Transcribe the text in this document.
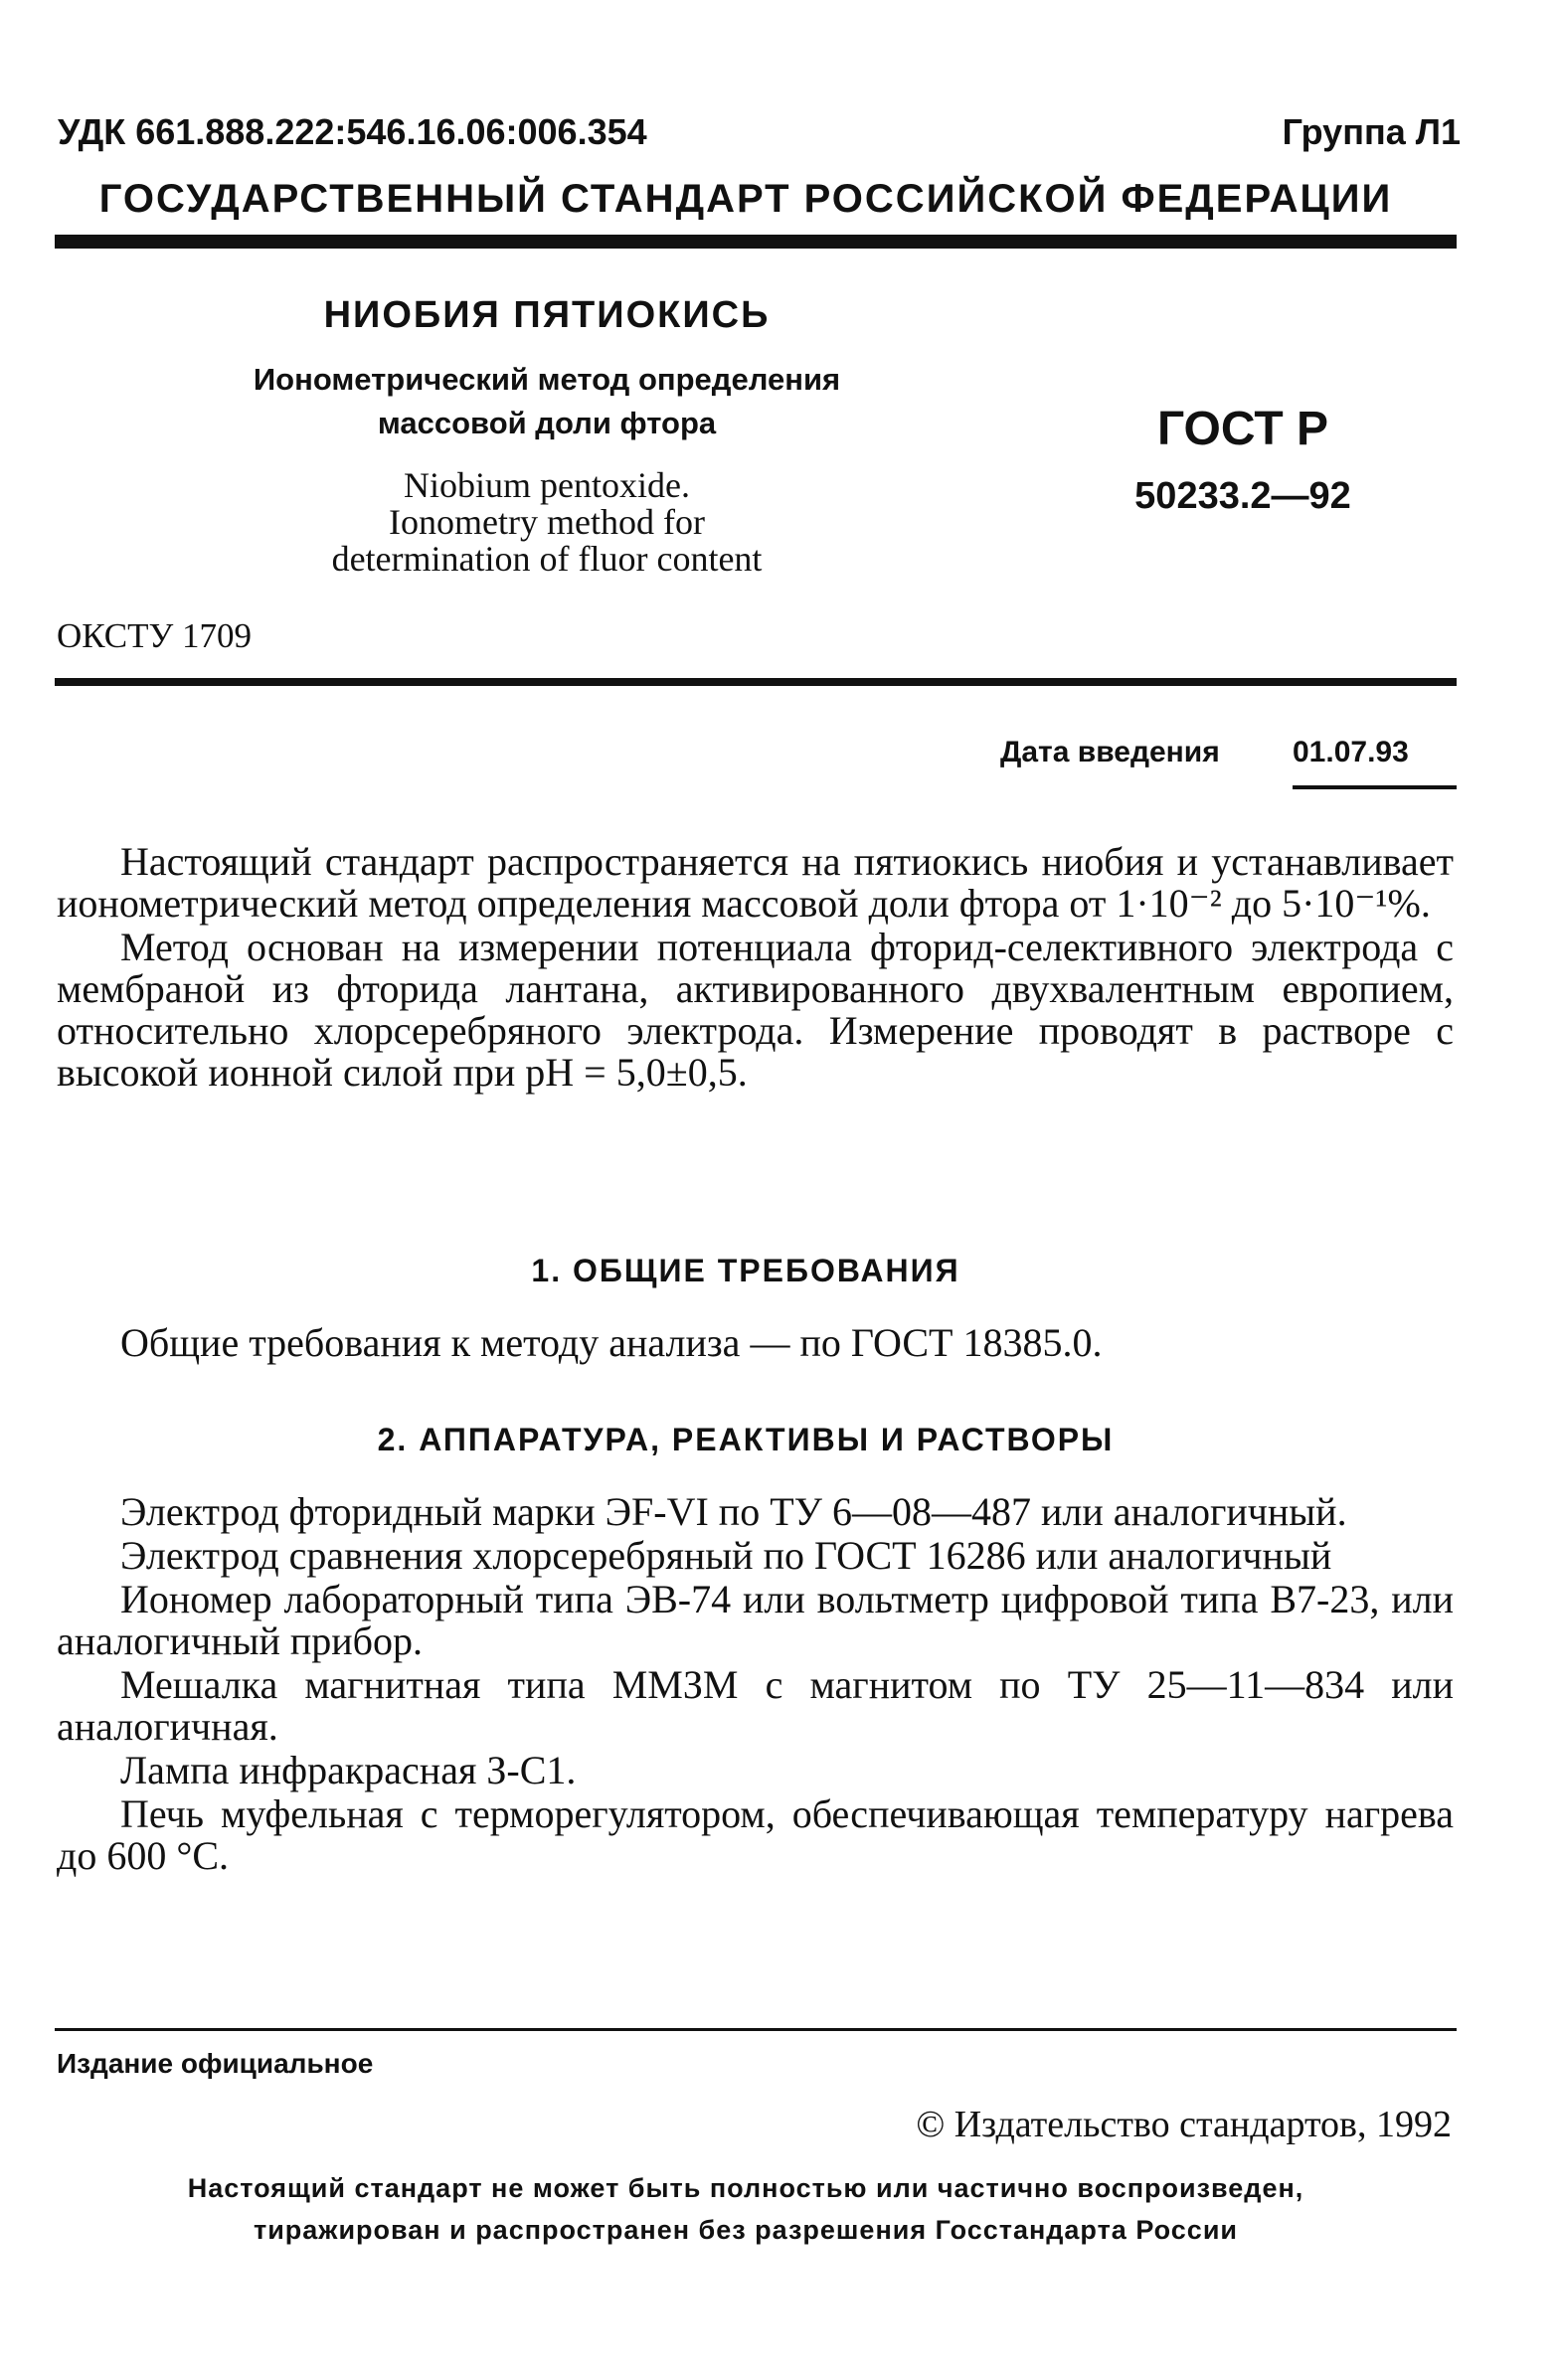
УДК 661.888.222:546.16.06:006.354	Группа Л1
ГОСУДАРСТВЕННЫЙ СТАНДАРТ РОССИЙСКОЙ ФЕДЕРАЦИИ
НИОБИЯ ПЯТИОКИСЬ
Ионометрический метод определения
массовой доли фтора
Niobium pentoxide.
Ionometry method for
determination of fluor content
ГОСТ Р
50233.2—92
ОКСТУ 1709
Дата введения 01.07.93

Настоящий стандарт распространяется на пятиокись ниобия и устанавливает ионометрический метод определения массовой доли фтора от 1·10⁻² до 5·10⁻¹%.

Метод основан на измерении потенциала фторид-селективного электрода с мембраной из фторида лантана, активированного двухвалентным европием, относительно хлорсеребряного электрода. Измерение проводят в растворе с высокой ионной силой при pH = 5,0±0,5.

1. ОБЩИЕ ТРЕБОВАНИЯ

Общие требования к методу анализа — по ГОСТ 18385.0.

2. АППАРАТУРА, РЕАКТИВЫ И РАСТВОРЫ

Электрод фторидный марки ЭF-VI по ТУ 6—08—487 или аналогичный.

Электрод сравнения хлорсеребряный по ГОСТ 16286 или аналогичный

Иономер лабораторный типа ЭВ-74 или вольтметр цифровой типа В7-23, или аналогичный прибор.

Мешалка магнитная типа ММЗМ с магнитом по ТУ 25—11—834 или аналогичная.

Лампа инфракрасная З-С1.

Печь муфельная с терморегулятором, обеспечивающая температуру нагрева до 600 °С.

Издание официальное
© Издательство стандартов, 1992
Настоящий стандарт не может быть полностью или частично воспроизведен,
тиражирован и распространен без разрешения Госстандарта России
